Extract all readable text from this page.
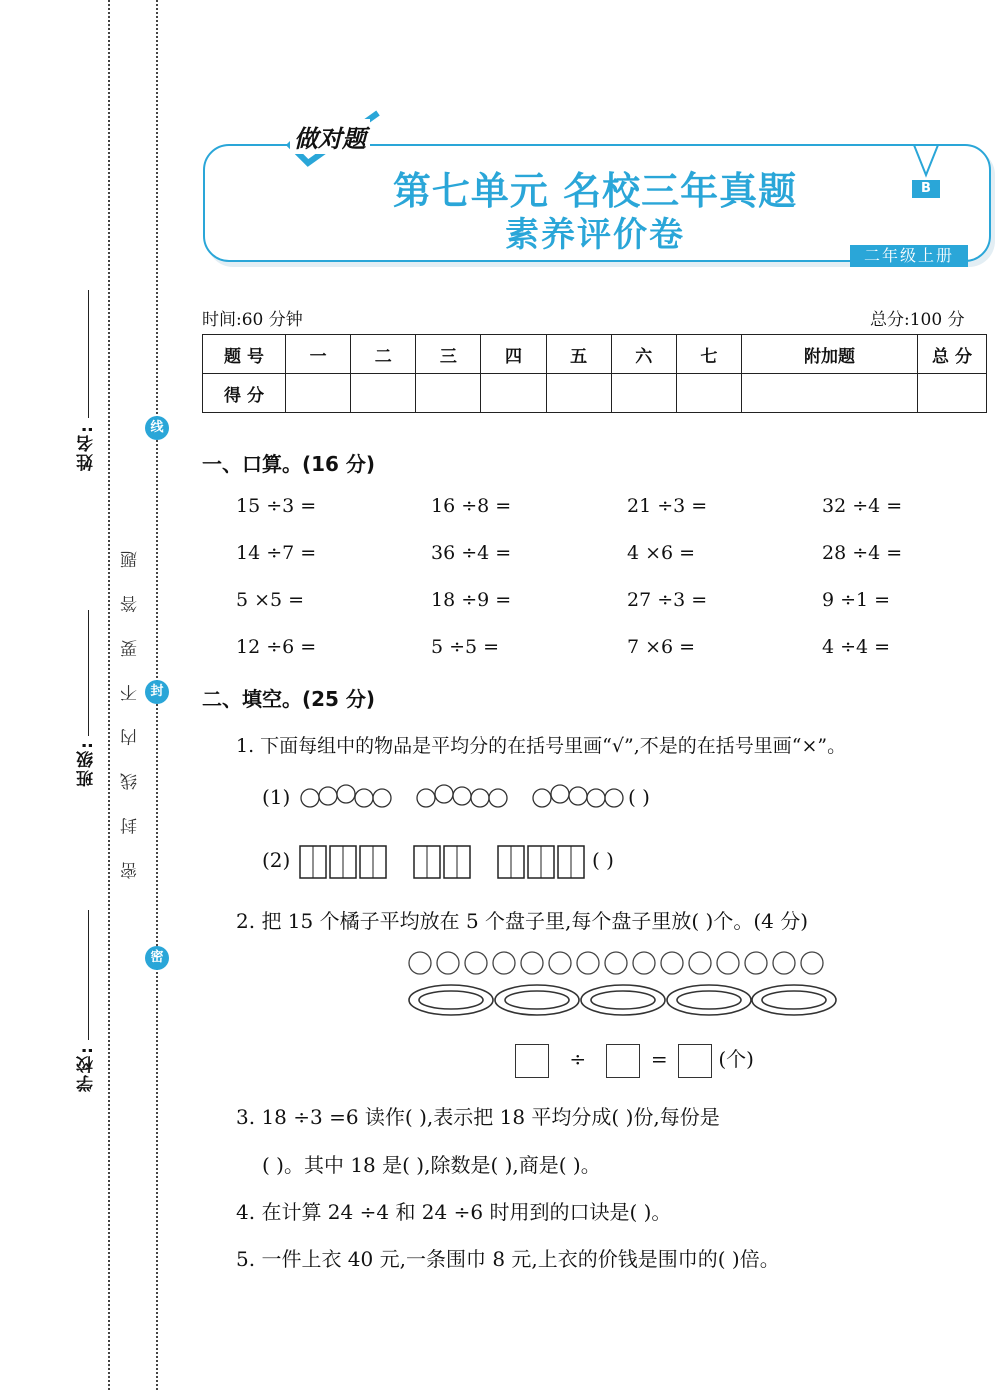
姓名:
班级:
学校:
线
封
密
密 封 线 内 不 要 答 题
做对题
第七单元 名校三年真题
素养评价卷
B
二年级上册
时间:60 分钟	总分:100 分
题 号	一	二	三	四	五	六	七	附加题	总 分
得 分									
一、口算。(16 分)
15 ÷3 =	16 ÷8 =	21 ÷3 =	32 ÷4 =
14 ÷7 =	36 ÷4 =	4 ×6 =	28 ÷4 =
5 ×5 =	18 ÷9 =	27 ÷3 =	9 ÷1 =
12 ÷6 =	5 ÷5 =	7 ×6 =	4 ÷4 =
二、填空。(25 分)
1. 下面每组中的物品是平均分的在括号里画“√”,不是的在括号里画“×”。
(1)	( )
(2)	( )
2. 把 15 个橘子平均放在 5 个盘子里,每个盘子里放( )个。(4 分)
÷	=	(个)
3. 18 ÷3 =6 读作( ),表示把 18 平均分成( )份,每份是
( )。其中 18 是( ),除数是( ),商是( )。
4. 在计算 24 ÷4 和 24 ÷6 时用到的口诀是( )。
5. 一件上衣 40 元,一条围巾 8 元,上衣的价钱是围巾的( )倍。
